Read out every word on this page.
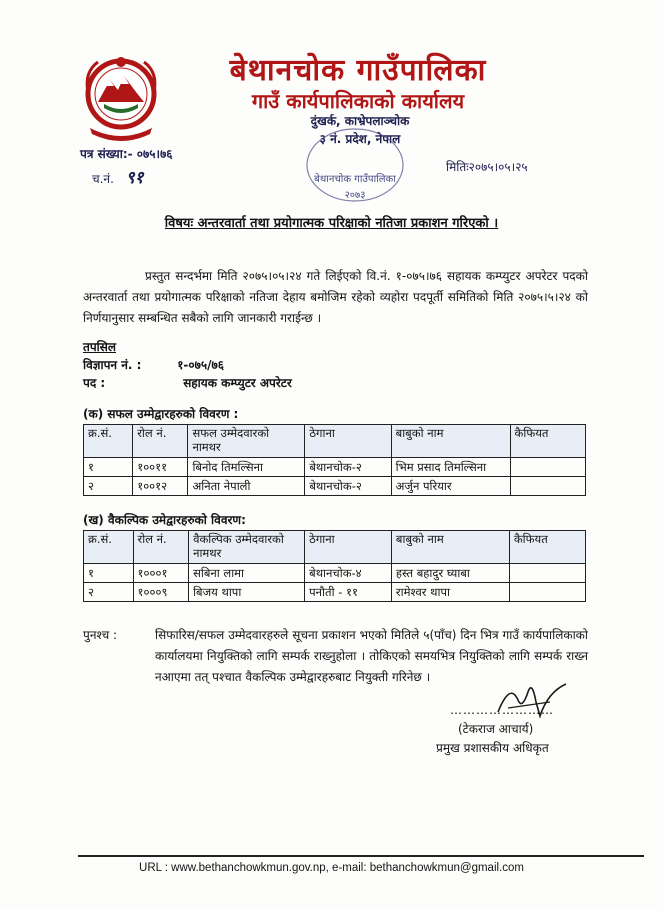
बेथानचोक गाउँपालिका
गाउँ कार्यपालिकाको कार्यालय
दुंखर्क, काभ्रेपलाञ्चोक
३ नं. प्रदेश, नेपाल
बेथानचोक गाउँपालिका
२०७३
पत्र संख्या:- ०७५।७६
च.नं. ९१
मितिः२०७५।०५।२५
विषयः अन्तरवार्ता तथा प्रयोगात्मक परिक्षाको नतिजा प्रकाशन गरिएको ।
प्रस्तुत सन्दर्भमा मिति २०७५।०५।२४ गते लिईएको वि.नं. १-०७५।७६ सहायक कम्प्युटर अपरेटर पदको अन्तरवार्ता तथा प्रयोगात्मक परिक्षाको नतिजा देहाय बमोजिम रहेको व्यहोरा पदपूर्ती समितिको मिति २०७५।५।२४ को निर्णयानुसार सम्बन्धित सबैको लागि जानकारी गराईन्छ ।
तपसिल
विज्ञापन नं. :	१-०७५/७६
पद :	सहायक कम्प्युटर अपरेटर
(क) सफल उम्मेद्वारहरुको विवरण :
क्र.सं.	रोल नं.	सफल उम्मेदवारको नामथर	ठेगाना	बाबुको नाम	कैफियत
१	१००११	बिनोद तिमल्सिना	बेथानचोक-२	भिम प्रसाद तिमल्सिना	
२	१००१२	अनिता नेपाली	बेथानचोक-२	अर्जुन परियार	
(ख) वैकल्पिक उमेद्वारहरुको विवरण:
क्र.सं.	रोल नं.	वैकल्पिक उम्मेदवारको नामथर	ठेगाना	बाबुको नाम	कैफियत
१	१०००१	सबिना लामा	बेथानचोक-४	हस्त बहादुर घ्याबा	
२	१०००९	बिजय थापा	पनौती - ११	रामेश्वर थापा	
पुनश्च :	सिफारिस/सफल उम्मेदवारहरुले सूचना प्रकाशन भएको मितिले ५(पाँच) दिन भित्र गाउँ कार्यपालिकाको कार्यालयमा नियुक्तिको लागि सम्पर्क राख्नुहोला । तोकिएको समयभित्र नियुक्तिको लागि सम्पर्क राख्न नआएमा तत् पश्चात वैकल्पिक उम्मेद्वारहरुबाट नियुक्ती गरिनेछ ।
……………………
(टेकराज आचार्य)
प्रमुख प्रशासकीय अधिकृत
URL : www.bethanchowkmun.gov.np, e-mail: bethanchowkmun@gmail.com
